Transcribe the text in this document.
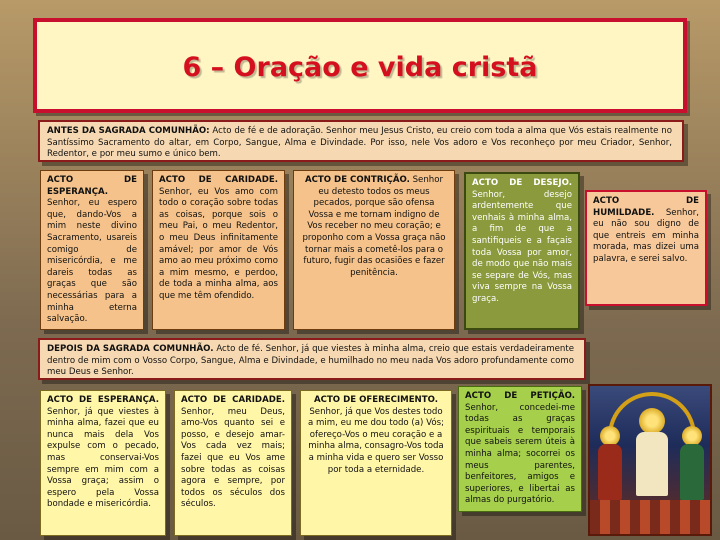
6 – Oração e vida cristã
ANTES DA SAGRADA COMUNHÃO: Acto de fé e de adoração. Senhor meu Jesus Cristo, eu creio com toda a alma que Vós estais realmente no Santíssimo Sacramento do altar, em Corpo, Sangue, Alma e Divindade. Por isso, nele Vos adoro e Vos reconheço por meu Criador, Senhor, Redentor, e por meu sumo e único bem.
ACTO DE ESPERANÇA. Senhor, eu espero que, dando-Vos a mim neste divino Sacramento, usareis comigo de misericórdia, e me dareis todas as graças que são necessárias para a minha eterna salvação.
ACTO DE CARIDADE. Senhor, eu Vos amo com todo o coração sobre todas as coisas, porque sois o meu Pai, o meu Redentor, o meu Deus infinitamente amável; por amor de Vós amo ao meu próximo como a mim mesmo, e perdoo, de toda a minha alma, aos que me têm ofendido.
ACTO DE CONTRIÇÃO. Senhor eu detesto todos os meus pecados, porque são ofensa Vossa e me tornam indigno de Vos receber no meu coração; e proponho com a Vossa graça não tornar mais a cometê-los para o futuro, fugir das ocasiões e fazer penitência.
ACTO DE DESEJO. Senhor, desejo ardentemente que venhais à minha alma, a fim de que a santifiqueis e a façais toda Vossa por amor, de modo que não mais se separe de Vós, mas viva sempre na Vossa graça.
ACTO DE HUMILDADE. Senhor, eu não sou digno de que entreis em minha morada, mas dizei uma palavra, e serei salvo.
DEPOIS DA SAGRADA COMUNHÃO. Acto de fé. Senhor, já que viestes à minha alma, creio que estais verdadeiramente dentro de mim com o Vosso Corpo, Sangue, Alma e Divindade, e humilhado no meu nada Vos adoro profundamente como meu Deus e Senhor.
ACTO DE ESPERANÇA. Senhor, já que viestes à minha alma, fazei que eu nunca mais dela Vos expulse com o pecado, mas conservai-Vos sempre em mim com a Vossa graça; assim o espero pela Vossa bondade e misericórdia.
ACTO DE CARIDADE. Senhor, meu Deus, amo-Vos quanto sei e posso, e desejo amar-Vos cada vez mais; fazei que eu Vos ame sobre todas as coisas agora e sempre, por todos os séculos dos séculos.
ACTO DE OFERECIMENTO. Senhor, já que Vos destes todo a mim, eu me dou todo (a) Vós; ofereço-Vos o meu coração e a minha alma, consagro-Vos toda a minha vida e quero ser Vosso por toda a eternidade.
ACTO DE PETIÇÃO. Senhor, concedei-me todas as graças espirituais e temporais que sabeis serem úteis à minha alma; socorrei os meus parentes, benfeitores, amigos e superiores, e libertai as almas do purgatório.
